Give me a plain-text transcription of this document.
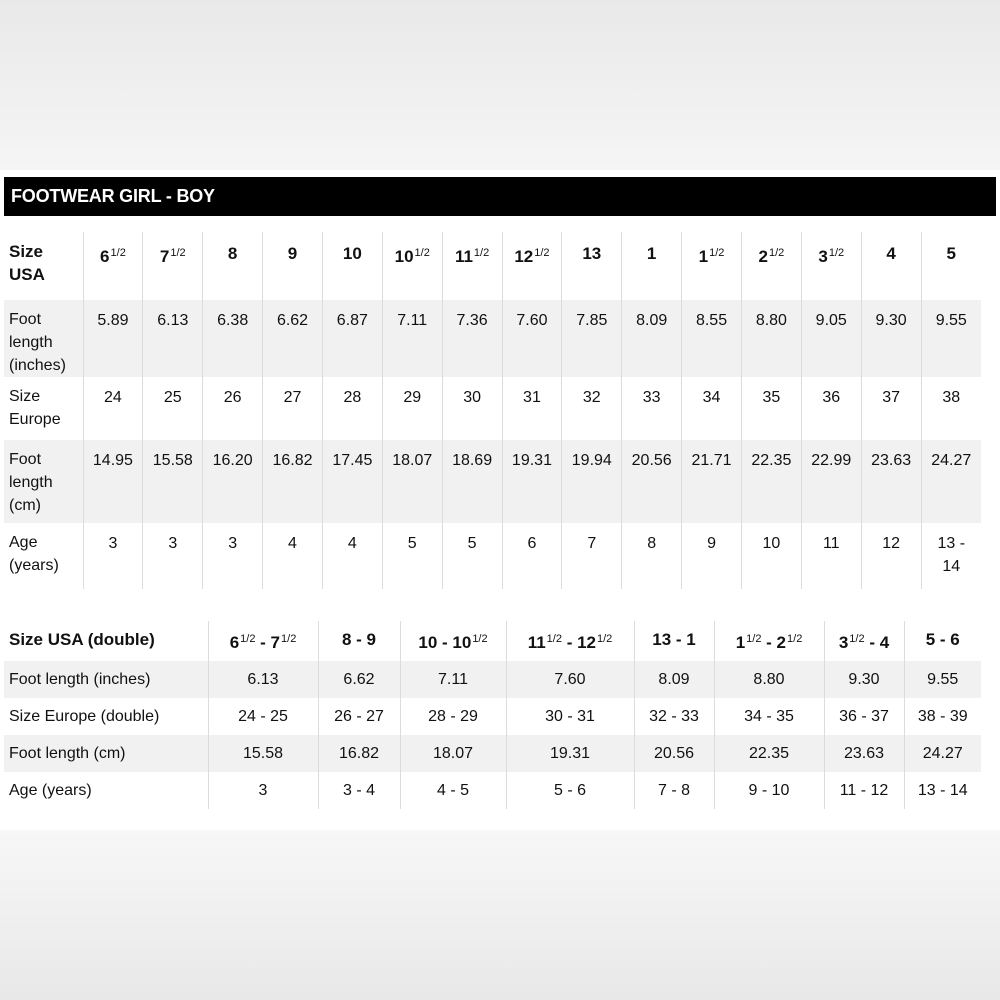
FOOTWEAR GIRL - BOY
Size
USA	$6^{1/2}$	$7^{1/2}$	8	9	10	$10^{1/2}$	$11^{1/2}$	$12^{1/2}$	13	1	$1^{1/2}$	$2^{1/2}$	$3^{1/2}$	4	5
Foot
length
(inches)	5.89	6.13	6.38	6.62	6.87	7.11	7.36	7.60	7.85	8.09	8.55	8.80	9.05	9.30	9.55
Size
Europe	24	25	26	27	28	29	30	31	32	33	34	35	36	37	38
Foot
length
(cm)	14.95	15.58	16.20	16.82	17.45	18.07	18.69	19.31	19.94	20.56	21.71	22.35	22.99	23.63	24.27
Age
(years)	3	3	3	4	4	5	5	6	7	8	9	10	11	12	13 -
14
Size USA (double)	$6^{1/2} - 7^{1/2}$	8 - 9	$10 - 10^{1/2}$	$11^{1/2} - 12^{1/2}$	13 - 1	$1^{1/2} - 2^{1/2}$	$3^{1/2} - 4$	5 - 6
Foot length (inches)	6.13	6.62	7.11	7.60	8.09	8.80	9.30	9.55
Size Europe (double)	24 - 25	26 - 27	28 - 29	30 - 31	32 - 33	34 - 35	36 - 37	38 - 39
Foot length (cm)	15.58	16.82	18.07	19.31	20.56	22.35	23.63	24.27
Age (years)	3	3 - 4	4 - 5	5 - 6	7 - 8	9 - 10	11 - 12	13 - 14
